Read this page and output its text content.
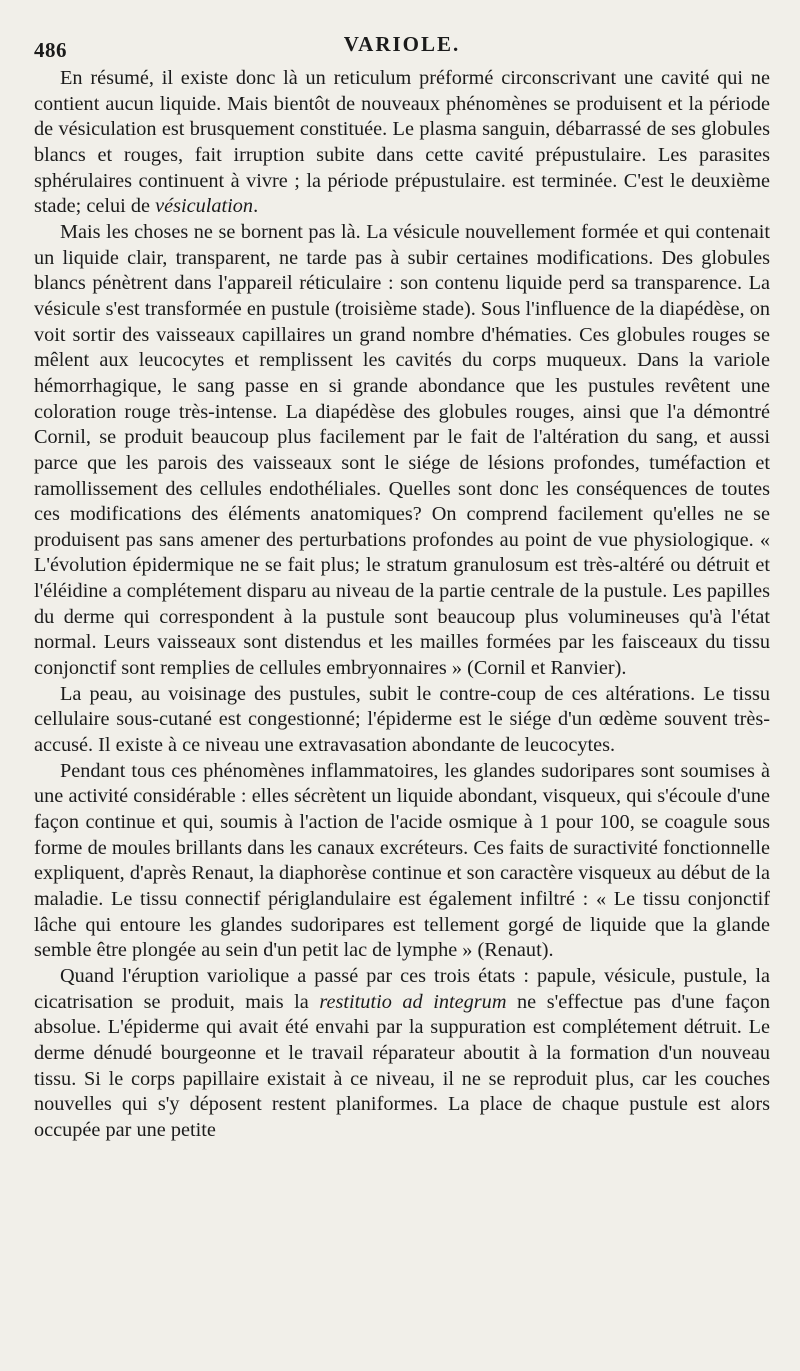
486	VARIOLE.

En résumé, il existe donc là un reticulum préformé circonscrivant une cavité qui ne contient aucun liquide. Mais bientôt de nouveaux phénomènes se produisent et la période de vésiculation est brusquement constituée. Le plasma sanguin, débarrassé de ses globules blancs et rouges, fait irruption subite dans cette cavité prépustulaire. Les parasites sphérulaires continuent à vivre ; la période prépustulaire. est terminée. C'est le deuxième stade; celui de vésiculation.

Mais les choses ne se bornent pas là. La vésicule nouvellement formée et qui contenait un liquide clair, transparent, ne tarde pas à subir certaines modifications. Des globules blancs pénètrent dans l'appareil réticulaire : son contenu liquide perd sa transparence. La vésicule s'est transformée en pustule (troisième stade). Sous l'influence de la diapédèse, on voit sortir des vaisseaux capillaires un grand nombre d'hématies. Ces globules rouges se mêlent aux leucocytes et remplissent les cavités du corps muqueux. Dans la variole hémorrhagique, le sang passe en si grande abondance que les pustules revêtent une coloration rouge très-intense. La diapédèse des globules rouges, ainsi que l'a démontré Cornil, se produit beaucoup plus facilement par le fait de l'altération du sang, et aussi parce que les parois des vaisseaux sont le siége de lésions profondes, tuméfaction et ramollissement des cellules endothéliales. Quelles sont donc les conséquences de toutes ces modifications des éléments anatomiques? On comprend facilement qu'elles ne se produisent pas sans amener des perturbations profondes au point de vue physiologique. « L'évolution épidermique ne se fait plus; le stratum granulosum est très-altéré ou détruit et l'éléidine a complétement disparu au niveau de la partie centrale de la pustule. Les papilles du derme qui correspondent à la pustule sont beaucoup plus volumineuses qu'à l'état normal. Leurs vaisseaux sont distendus et les mailles formées par les faisceaux du tissu conjonctif sont remplies de cellules embryonnaires » (Cornil et Ranvier).

La peau, au voisinage des pustules, subit le contre-coup de ces altérations. Le tissu cellulaire sous-cutané est congestionné; l'épiderme est le siége d'un œdème souvent très-accusé. Il existe à ce niveau une extravasation abondante de leucocytes.

Pendant tous ces phénomènes inflammatoires, les glandes sudoripares sont soumises à une activité considérable : elles sécrètent un liquide abondant, visqueux, qui s'écoule d'une façon continue et qui, soumis à l'action de l'acide osmique à 1 pour 100, se coagule sous forme de moules brillants dans les canaux excréteurs. Ces faits de suractivité fonctionnelle expliquent, d'après Renaut, la diaphorèse continue et son caractère visqueux au début de la maladie. Le tissu connectif périglandulaire est également infiltré : « Le tissu conjonctif lâche qui entoure les glandes sudoripares est tellement gorgé de liquide que la glande semble être plongée au sein d'un petit lac de lymphe » (Renaut).

Quand l'éruption variolique a passé par ces trois états : papule, vésicule, pustule, la cicatrisation se produit, mais la restitutio ad integrum ne s'effectue pas d'une façon absolue. L'épiderme qui avait été envahi par la suppuration est complétement détruit. Le derme dénudé bourgeonne et le travail réparateur aboutit à la formation d'un nouveau tissu. Si le corps papillaire existait à ce niveau, il ne se reproduit plus, car les couches nouvelles qui s'y déposent restent planiformes. La place de chaque pustule est alors occupée par une petite
